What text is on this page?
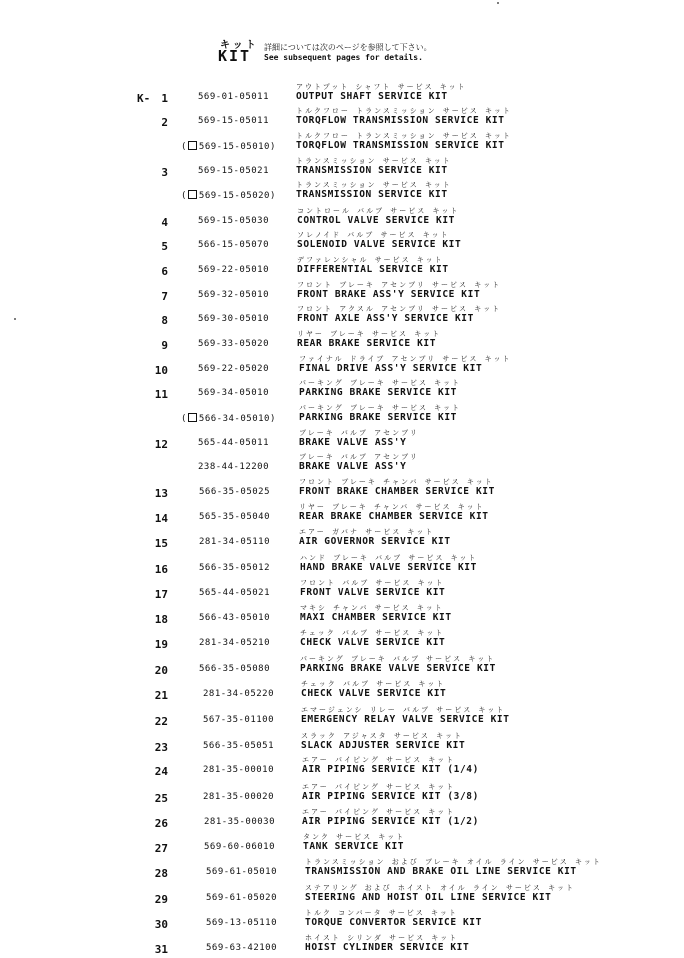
キット
KIT 詳細については次のページを参照して下さい。
See subsequent pages for details.
K-	1	569-01-05011
アウトプット シャフト サービス キット
OUTPUT SHAFT SERVICE KIT
2	569-15-05011
トルクフロー トランスミッション サービス キット
TORQFLOW TRANSMISSION SERVICE KIT
( 569-15-05010)
トルクフロー トランスミッション サービス キット
TORQFLOW TRANSMISSION SERVICE KIT
3	569-15-05021
トランスミッション サービス キット
TRANSMISSION SERVICE KIT
( 569-15-05020)
トランスミッション サービス キット
TRANSMISSION SERVICE KIT
4	569-15-05030
コントロール バルブ サービス キット
CONTROL VALVE SERVICE KIT
5	566-15-05070
ソレノイド バルブ サービス キット
SOLENOID VALVE SERVICE KIT
6	569-22-05010
デファレンシャル サービス キット
DIFFERENTIAL SERVICE KIT
7	569-32-05010
フロント ブレーキ アセンブリ サービス キット
FRONT BRAKE ASS'Y SERVICE KIT
8	569-30-05010
フロント アクスル アセンブリ サービス キット
FRONT AXLE ASS'Y SERVICE KIT
9	569-33-05020
リヤー ブレーキ サービス キット
REAR BRAKE SERVICE KIT
10	569-22-05020
ファイナル ドライブ アセンブリ サービス キット
FINAL DRIVE ASS'Y SERVICE KIT
11	569-34-05010
パーキング ブレーキ サービス キット
PARKING BRAKE SERVICE KIT
( 566-34-05010)
パーキング ブレーキ サービス キット
PARKING BRAKE SERVICE KIT
12	565-44-05011
ブレーキ バルブ アセンブリ
BRAKE VALVE ASS'Y
238-44-12200
ブレーキ バルブ アセンブリ
BRAKE VALVE ASS'Y
13	566-35-05025
フロント ブレーキ チャンバ サービス キット
FRONT BRAKE CHAMBER SERVICE KIT
14	565-35-05040
リヤー ブレーキ チャンバ サービス キット
REAR BRAKE CHAMBER SERVICE KIT
15	281-34-05110
エアー ガバナ サービス キット
AIR GOVERNOR SERVICE KIT
16	566-35-05012
ハンド ブレーキ バルブ サービス キット
HAND BRAKE VALVE SERVICE KIT
17	565-44-05021
フロント バルブ サービス キット
FRONT VALVE SERVICE KIT
18	566-43-05010
マキシ チャンバ サービス キット
MAXI CHAMBER SERVICE KIT
19	281-34-05210
チェック バルブ サービス キット
CHECK VALVE SERVICE KIT
20	566-35-05080
パーキング ブレーキ バルブ サービス キット
PARKING BRAKE VALVE SERVICE KIT
21	281-34-05220
チェック バルブ サービス キット
CHECK VALVE SERVICE KIT
22	567-35-01100
エマージェンシ リレー バルブ サービス キット
EMERGENCY RELAY VALVE SERVICE KIT
23	566-35-05051
スラック アジャスタ サービス キット
SLACK ADJUSTER SERVICE KIT
24	281-35-00010
エアー パイピング サービス キット
AIR PIPING SERVICE KIT (1/4)
25	281-35-00020
エアー パイピング サービス キット
AIR PIPING SERVICE KIT (3/8)
26	281-35-00030
エアー パイピング サービス キット
AIR PIPING SERVICE KIT (1/2)
27	569-60-06010
タンク サービス キット
TANK SERVICE KIT
28	569-61-05010
トランスミッション および ブレーキ オイル ライン サービス キット
TRANSMISSION AND BRAKE OIL LINE SERVICE KIT
29	569-61-05020
ステアリング および ホイスト オイル ライン サービス キット
STEERING AND HOIST OIL LINE SERVICE KIT
30	569-13-05110
トルク コンバータ サービス キット
TORQUE CONVERTOR SERVICE KIT
31	569-63-42100
ホイスト シリンダ サービス キット
HOIST CYLINDER SERVICE KIT
